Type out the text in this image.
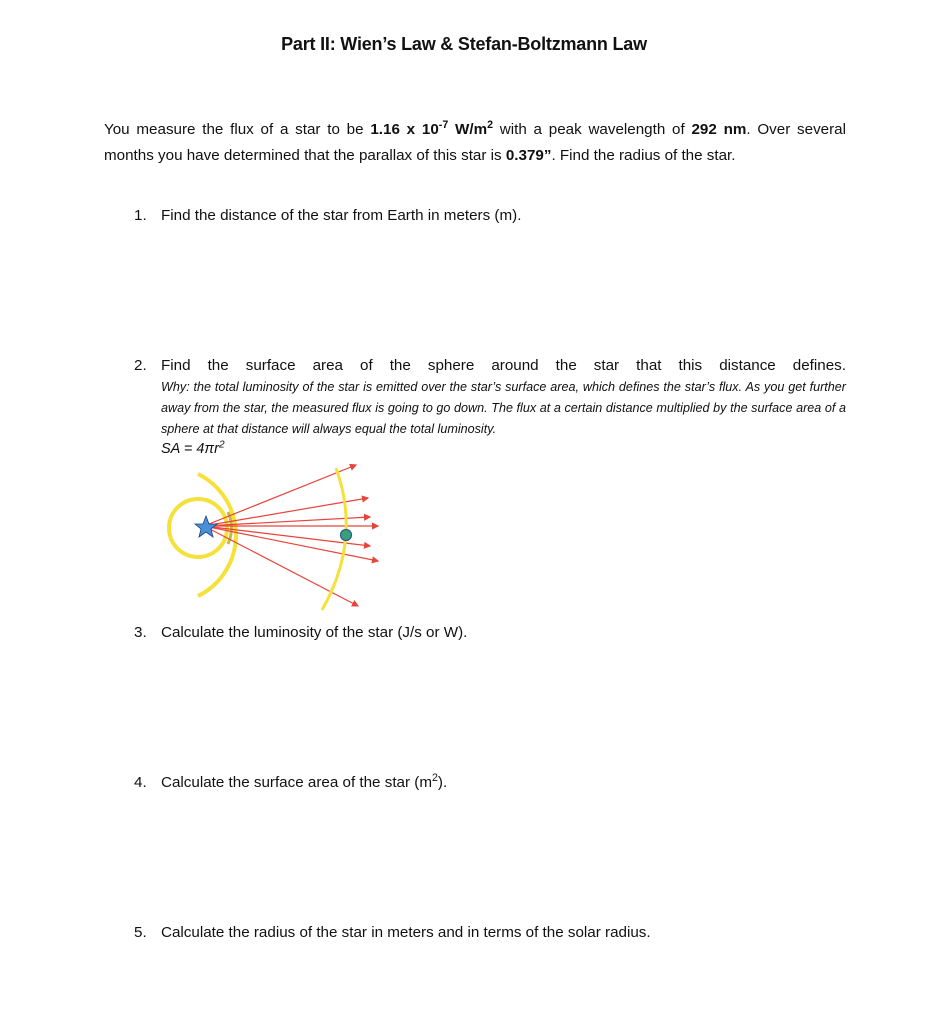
Part II: Wien’s Law & Stefan-Boltzmann Law
You measure the flux of a star to be 1.16 x $10^{-7}$ $W/m^2$ with a peak wavelength of 292 nm. Over several months you have determined that the parallax of this star is 0.379”. Find the radius of the star.
1. Find the distance of the star from Earth in meters (m).
2. Find the surface area of the sphere around the star that this distance defines.
Why: the total luminosity of the star is emitted over the star’s surface area, which defines the star’s flux. As you get further away from the star, the measured flux is going to go down. The flux at a certain distance multiplied by the surface area of a sphere at that distance will always equal the total luminosity.
SA = $4\pi r^2$
3. Calculate the luminosity of the star (J/s or W).
4. Calculate the surface area of the star $(m^2)$.
5. Calculate the radius of the star in meters and in terms of the solar radius.
